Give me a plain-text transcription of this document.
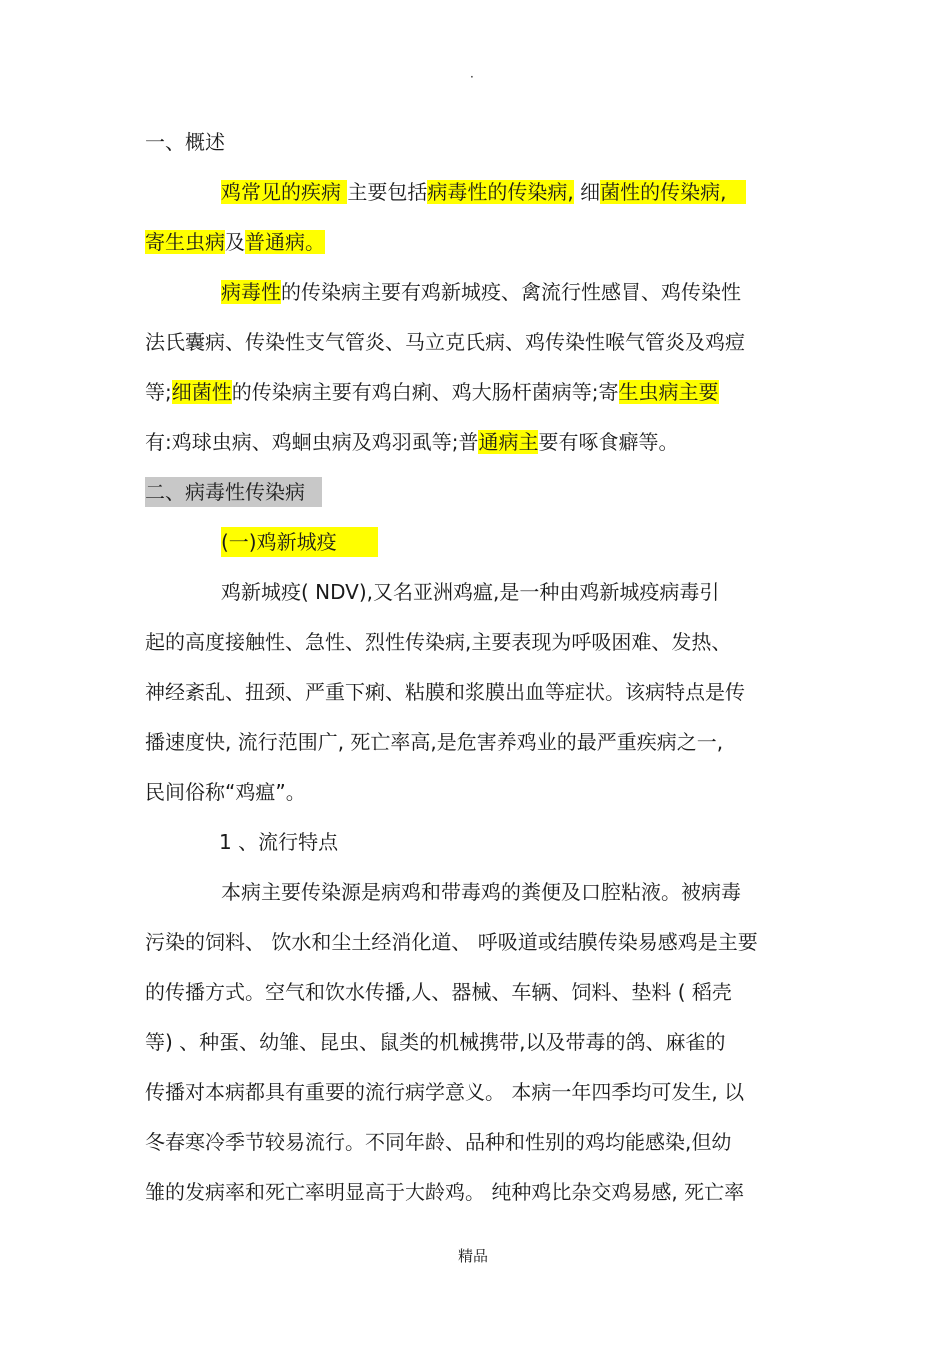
·
一、概述
鸡常见的疾病 主要包括病毒性的传染病, 细菌性的传染病,
寄生虫病及普通病。
病毒性的传染病主要有鸡新城疫、禽流行性感冒、鸡传染性
法氏囊病、传染性支气管炎、马立克氏病、鸡传染性喉气管炎及鸡痘
等;细菌性的传染病主要有鸡白痢、鸡大肠杆菌病等;寄生虫病主要
有:鸡球虫病、鸡蛔虫病及鸡羽虱等;普通病主要有啄食癖等。
二、病毒性传染病
(一)鸡新城疫
鸡新城疫( NDV),又名亚洲鸡瘟,是一种由鸡新城疫病毒引
起的高度接触性、急性、烈性传染病,主要表现为呼吸困难、发热、
神经紊乱、扭颈、严重下痢、粘膜和浆膜出血等症状。该病特点是传
播速度快, 流行范围广, 死亡率高,是危害养鸡业的最严重疾病之一,
民间俗称“鸡瘟”。
1 、流行特点
本病主要传染源是病鸡和带毒鸡的粪便及口腔粘液。被病毒
污染的饲料、 饮水和尘土经消化道、 呼吸道或结膜传染易感鸡是主要
的传播方式。空气和饮水传播,人、器械、车辆、饲料、垫料 ( 稻壳
等) 、种蛋、幼雏、昆虫、鼠类的机械携带,以及带毒的鸽、麻雀的
传播对本病都具有重要的流行病学意义。 本病一年四季均可发生, 以
冬春寒冷季节较易流行。不同年龄、品种和性别的鸡均能感染,但幼
雏的发病率和死亡率明显高于大龄鸡。 纯种鸡比杂交鸡易感, 死亡率
精品
